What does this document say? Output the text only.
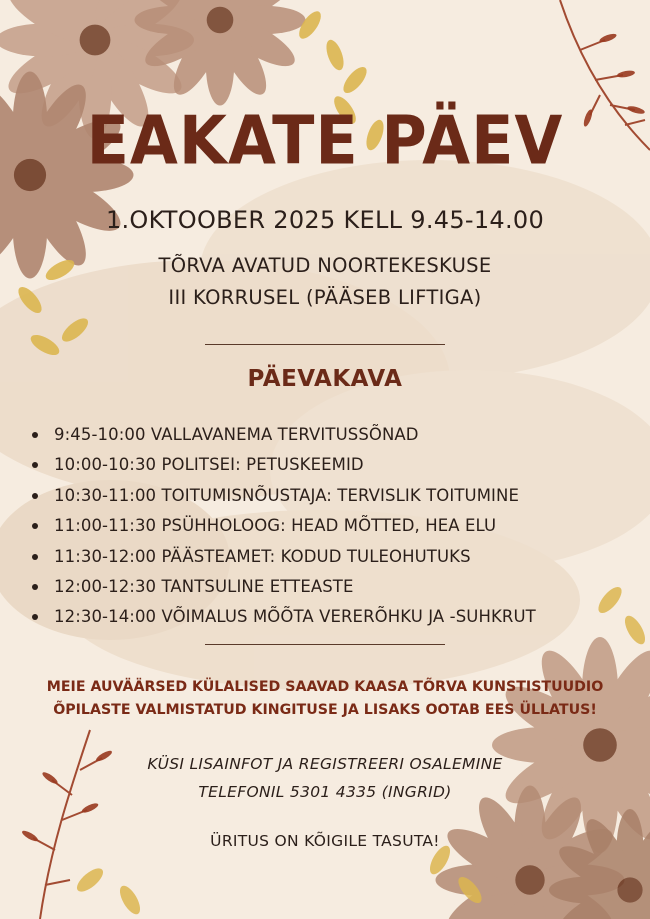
EAKATE PÄEV
1.OKTOOBER 2025 KELL 9.45-14.00
TÕRVA AVATUD NOORTEKESKUSE
III KORRUSEL (PÄÄSEB LIFTIGA)
PÄEVAKAVA
9:45-10:00 VALLAVANEMA TERVITUSSÕNAD
10:00-10:30 POLITSEI: PETUSKEEMID
10:30-11:00 TOITUMISNÕUSTAJA: TERVISLIK TOITUMINE
11:00-11:30 PSÜHHOLOOG: HEAD MÕTTED, HEA ELU
11:30-12:00 PÄÄSTEAMET: KODUD TULEOHUTUKS
12:00-12:30 TANTSULINE ETTEASTE
12:30-14:00 VÕIMALUS MÕÕTA VERERÕHKU JA -SUHKRUT
MEIE AUVÄÄRSED KÜLALISED SAAVAD KAASA TÕRVA KUNSTISTUUDIO
ÕPILASTE VALMISTATUD KINGITUSE JA LISAKS OOTAB EES ÜLLATUS!
KÜSI LISAINFOT JA REGISTREERI OSALEMINE
TELEFONIL 5301 4335 (INGRID)
ÜRITUS ON KÕIGILE TASUTA!
